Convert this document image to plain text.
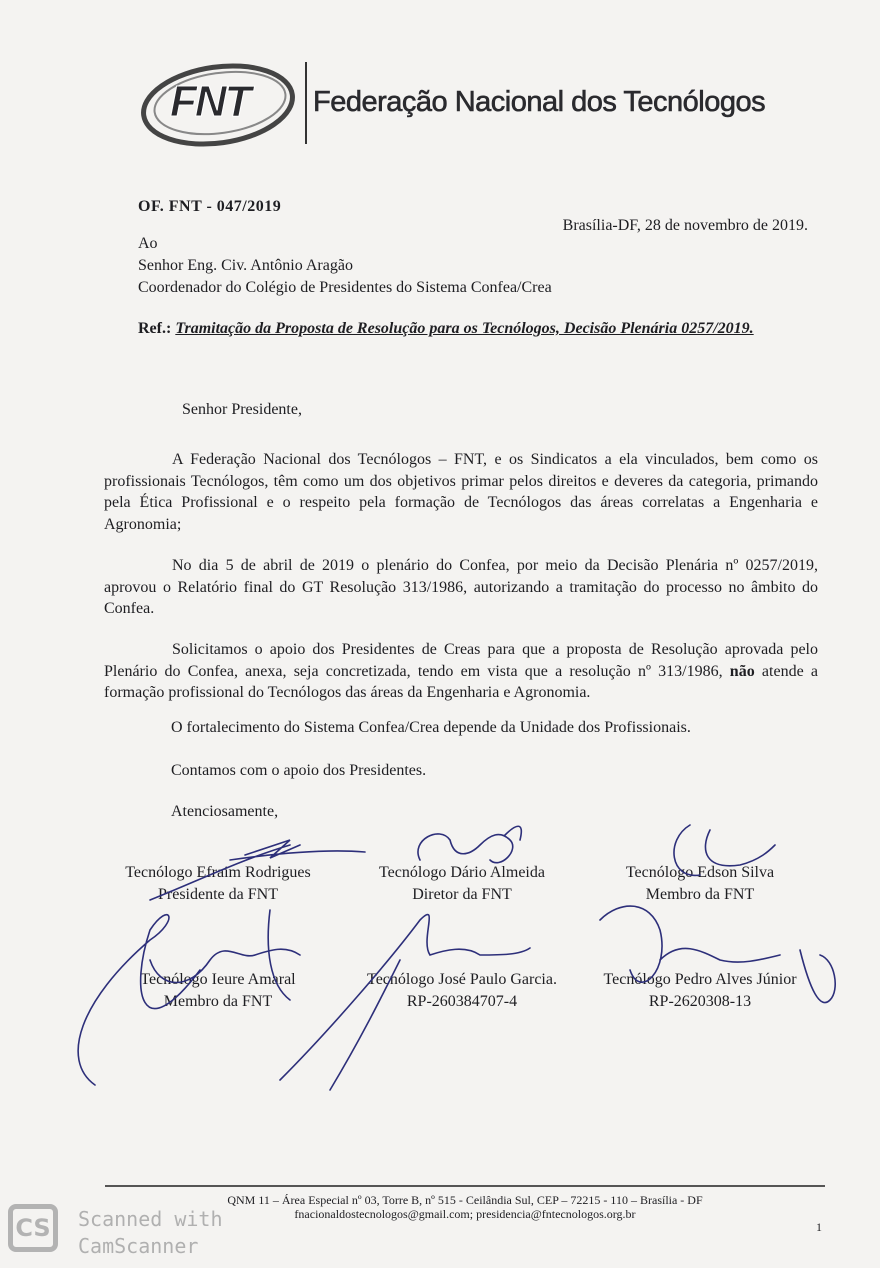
FNT Federação Nacional dos Tecnólogos
OF. FNT - 047/2019
Brasília-DF, 28 de novembro de 2019.
Ao
Senhor Eng. Civ. Antônio Aragão
Coordenador do Colégio de Presidentes do Sistema Confea/Crea
Ref.: Tramitação da Proposta de Resolução para os Tecnólogos, Decisão Plenária 0257/2019.
Senhor Presidente,
A Federação Nacional dos Tecnólogos – FNT, e os Sindicatos a ela vinculados, bem como os profissionais Tecnólogos, têm como um dos objetivos primar pelos direitos e deveres da categoria, primando pela Ética Profissional e o respeito pela formação de Tecnólogos das áreas correlatas a Engenharia e Agronomia;
No dia 5 de abril de 2019 o plenário do Confea, por meio da Decisão Plenária nº 0257/2019, aprovou o Relatório final do GT Resolução 313/1986, autorizando a tramitação do processo no âmbito do Confea.
Solicitamos o apoio dos Presidentes de Creas para que a proposta de Resolução aprovada pelo Plenário do Confea, anexa, seja concretizada, tendo em vista que a resolução nº 313/1986, não atende a formação profissional do Tecnólogos das áreas da Engenharia e Agronomia.
O fortalecimento do Sistema Confea/Crea depende da Unidade dos Profissionais.
Contamos com o apoio dos Presidentes.
Atenciosamente,
Tecnólogo Efraim Rodrigues
Presidente da FNT
Tecnólogo Dário Almeida
Diretor da FNT
Tecnólogo Edson Silva
Membro da FNT
Tecnólogo Ieure Amaral
Membro da FNT
Tecnólogo José Paulo Garcia.
RP-260384707-4
Tecnólogo Pedro Alves Júnior
RP-2620308-13
QNM 11 – Área Especial nº 03, Torre B, nº 515 - Ceilândia Sul, CEP – 72215 - 110 – Brasília - DF
fnacionaldostecnologos@gmail.com; presidencia@fntecnologos.org.br
1
CS	Scanned with
CamScanner
